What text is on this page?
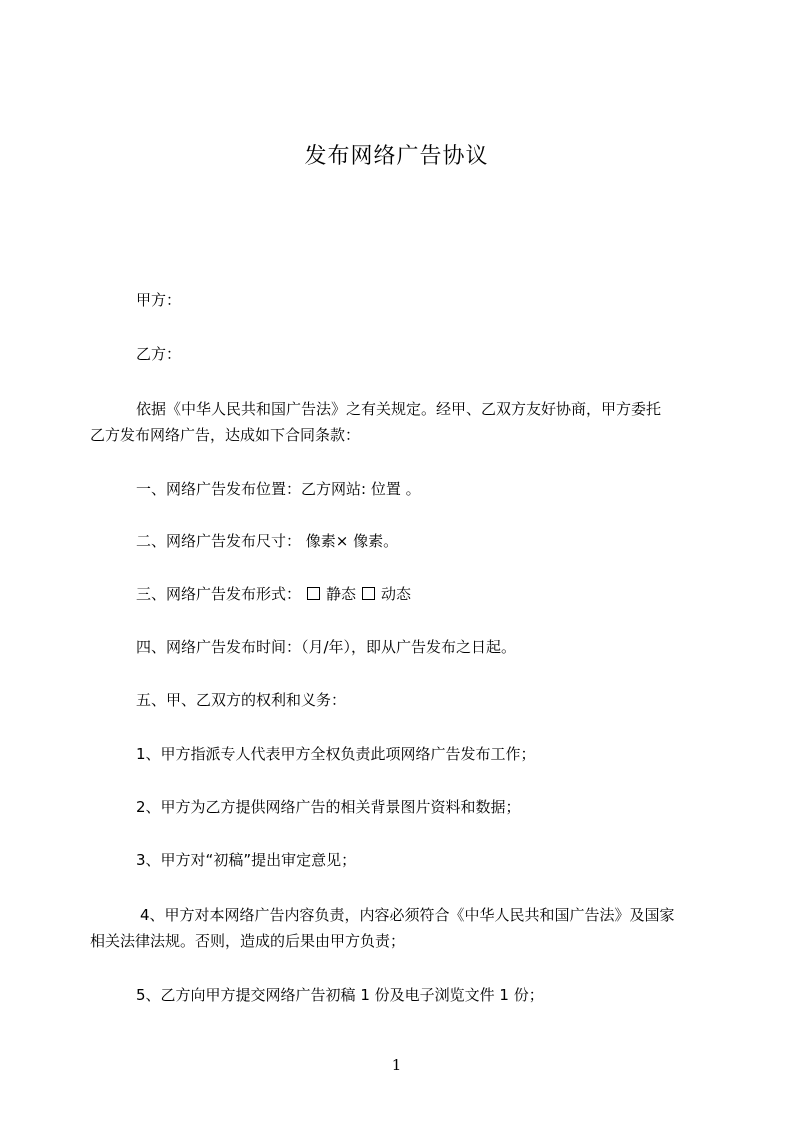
发布网络广告协议
甲方：
乙方：
依据《中华人民共和国广告法》之有关规定。经甲、乙双方友好协商，甲方委托
乙方发布网络广告，达成如下合同条款：
一、网络广告发布位置：乙方网站: 位置 。
二、网络广告发布尺寸： 像素× 像素。
三、网络广告发布形式： 静态 动态
四、网络广告发布时间：（月/年），即从广告发布之日起。
五、甲、乙双方的权利和义务：
1、甲方指派专人代表甲方全权负责此项网络广告发布工作；
2、甲方为乙方提供网络广告的相关背景图片资料和数据；
3、甲方对“初稿”提出审定意见；
4、甲方对本网络广告内容负责，内容必须符合《中华人民共和国广告法》及国家
相关法律法规。否则，造成的后果由甲方负责；
5、乙方向甲方提交网络广告初稿 1 份及电子浏览文件 1 份；
1
